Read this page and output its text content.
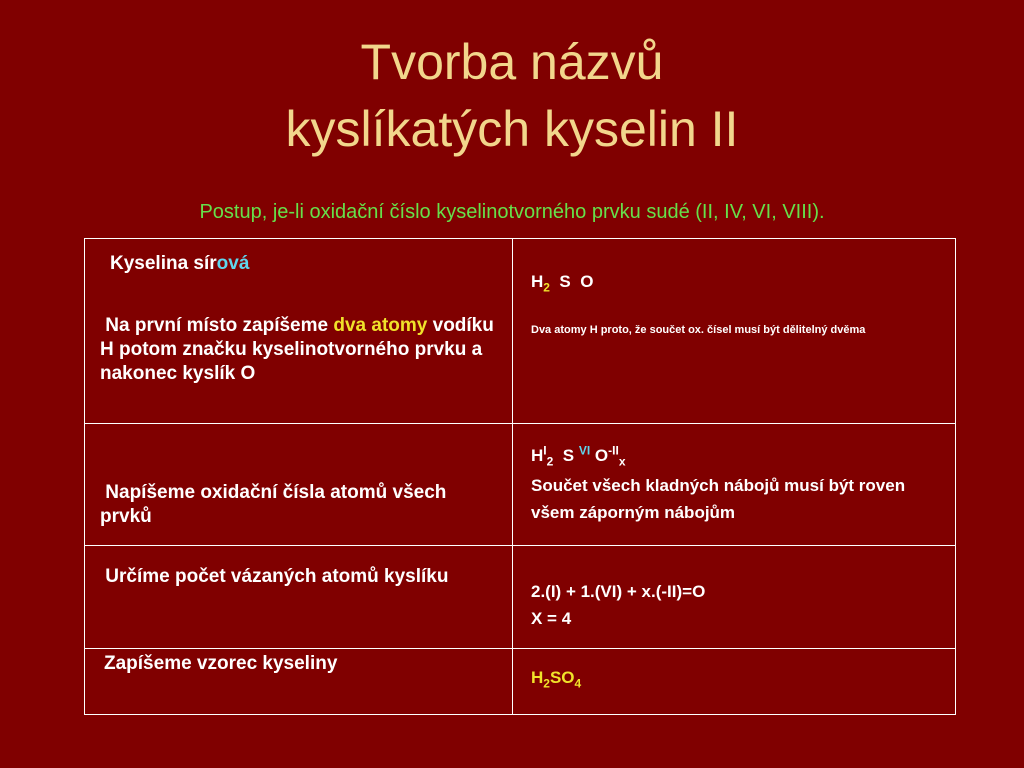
Tvorba názvů
kyslíkatých kyselin II
Postup, je-li oxidační číslo kyselinotvorného prvku sudé (II, IV, VI, VIII).
Kyselina sírová
Na první místo zapíšeme dva atomy vodíku H potom značku kyselinotvorného prvku a nakonec kyslík O
$H_2$ S O
Dva atomy H proto, že součet ox. čísel musí být dělitelný dvěma
Napíšeme oxidační čísla atomů všech prvků
$H^I_2$ S $^{VI}$ $O^{-II}_x$
Součet všech kladných nábojů musí být roven všem záporným nábojům
Určíme počet vázaných atomů kyslíku
2.(I) + 1.(VI) + x.(-II)=O
X = 4
Zapíšeme vzorec kyseliny
$H_2SO_4$
